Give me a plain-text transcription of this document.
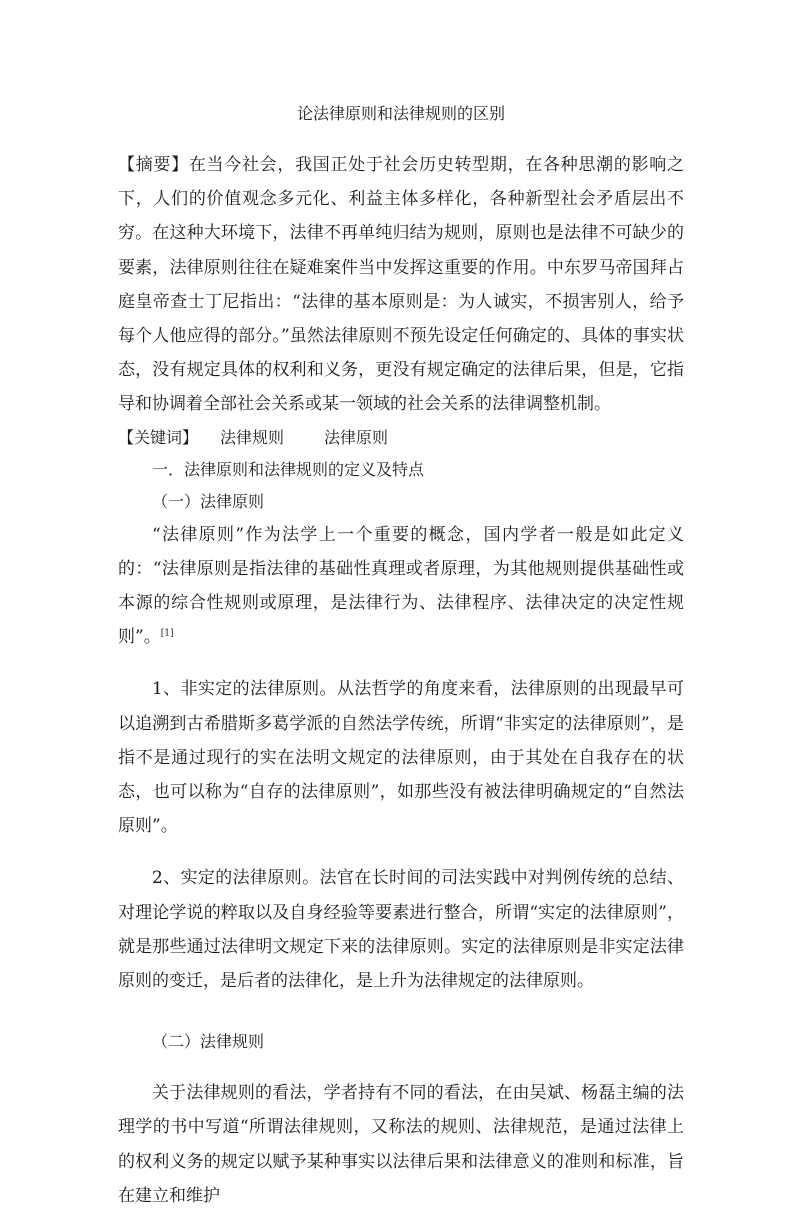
论法律原则和法律规则的区别

【摘要】在当今社会，我国正处于社会历史转型期，在各种思潮的影响之下，人们的价值观念多元化、利益主体多样化，各种新型社会矛盾层出不穷。在这种大环境下，法律不再单纯归结为规则，原则也是法律不可缺少的要素，法律原则往往在疑难案件当中发挥这重要的作用。中东罗马帝国拜占庭皇帝查士丁尼指出：“法律的基本原则是：为人诚实，不损害别人，给予每个人他应得的部分。”虽然法律原则不预先设定任何确定的、具体的事实状态，没有规定具体的权利和义务，更没有规定确定的法律后果，但是，它指导和协调着全部社会关系或某一领域的社会关系的法律调整机制。

【关键词】 法律规则	法律原则
一．法律原则和法律规则的定义及特点
（一）法律原则

“法律原则”作为法学上一个重要的概念，国内学者一般是如此定义的：“法律原则是指法律的基础性真理或者原理，为其他规则提供基础性或本源的综合性规则或原理，是法律行为、法律程序、法律决定的决定性规则”。[1]

1、非实定的法律原则。从法哲学的角度来看，法律原则的出现最早可以追溯到古希腊斯多葛学派的自然法学传统，所谓“非实定的法律原则”，是指不是通过现行的实在法明文规定的法律原则，由于其处在自我存在的状态，也可以称为“自存的法律原则”，如那些没有被法律明确规定的“自然法原则”。

2、实定的法律原则。法官在长时间的司法实践中对判例传统的总结、对理论学说的粹取以及自身经验等要素进行整合，所谓“实定的法律原则”，就是那些通过法律明文规定下来的法律原则。实定的法律原则是非实定法律原则的变迁，是后者的法律化，是上升为法律规定的法律原则。

（二）法律规则

关于法律规则的看法，学者持有不同的看法，在由吴斌、杨磊主编的法理学的书中写道“所谓法律规则，又称法的规则、法律规范，是通过法律上的权利义务的规定以赋予某种事实以法律后果和法律意义的准则和标准，旨在建立和维护
